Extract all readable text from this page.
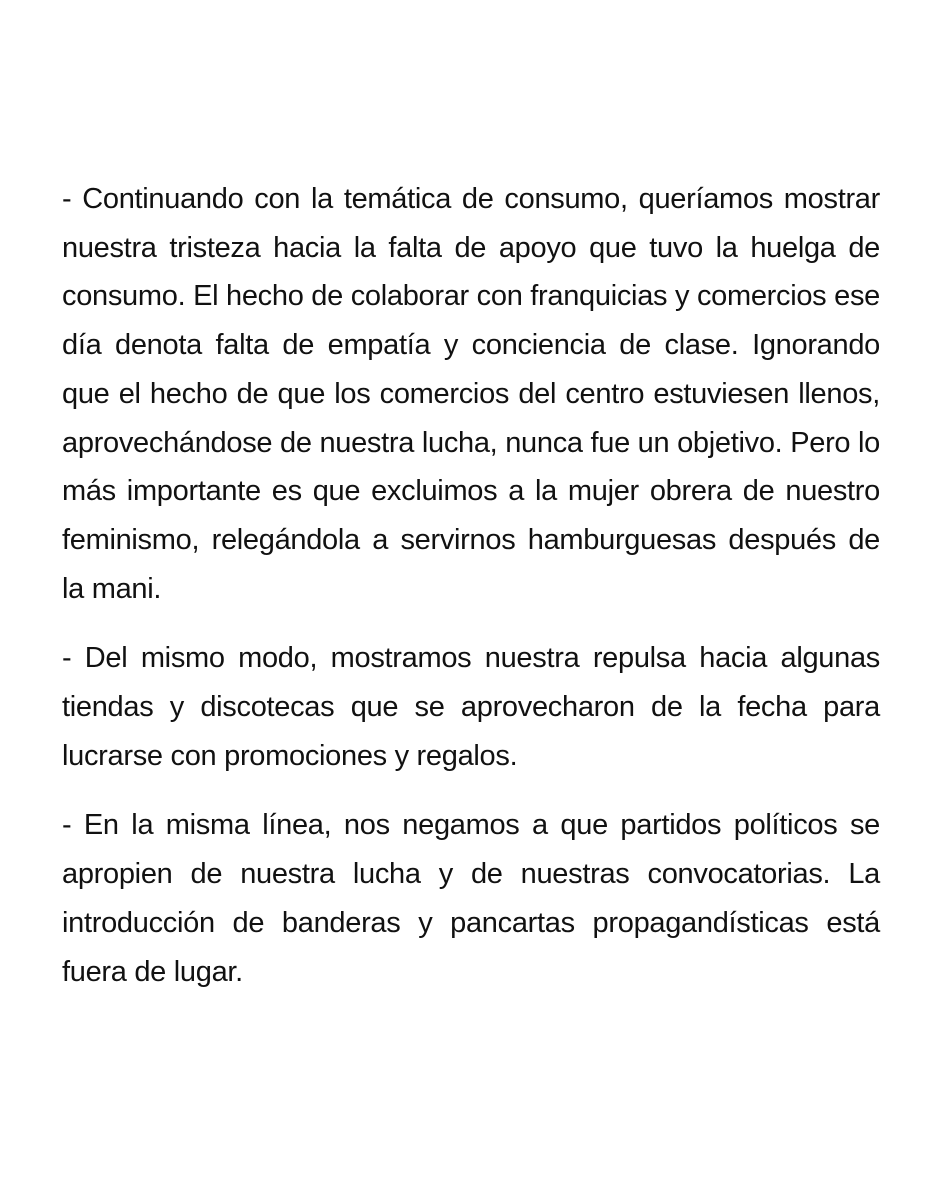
- Continuando con la temática de consumo, queríamos mostrar nuestra tristeza hacia la falta de apoyo que tuvo la huelga de consumo. El hecho de colaborar con franquicias y comercios ese día denota falta de empatía y conciencia de clase. Ignorando que el hecho de que los comercios del centro estuviesen llenos, aprovechándose de nuestra lucha, nunca fue un objetivo. Pero lo más importante es que excluimos a la mujer obrera de nuestro feminismo, relegándola a servirnos hamburguesas después de la mani.

- Del mismo modo, mostramos nuestra repulsa hacia algunas tiendas y discotecas que se aprovecharon de la fecha para lucrarse con promociones y regalos.

- En la misma línea, nos negamos a que partidos políticos se apropien de nuestra lucha y de nuestras convocatorias. La introducción de banderas y pancartas propagandísticas está fuera de lugar.
